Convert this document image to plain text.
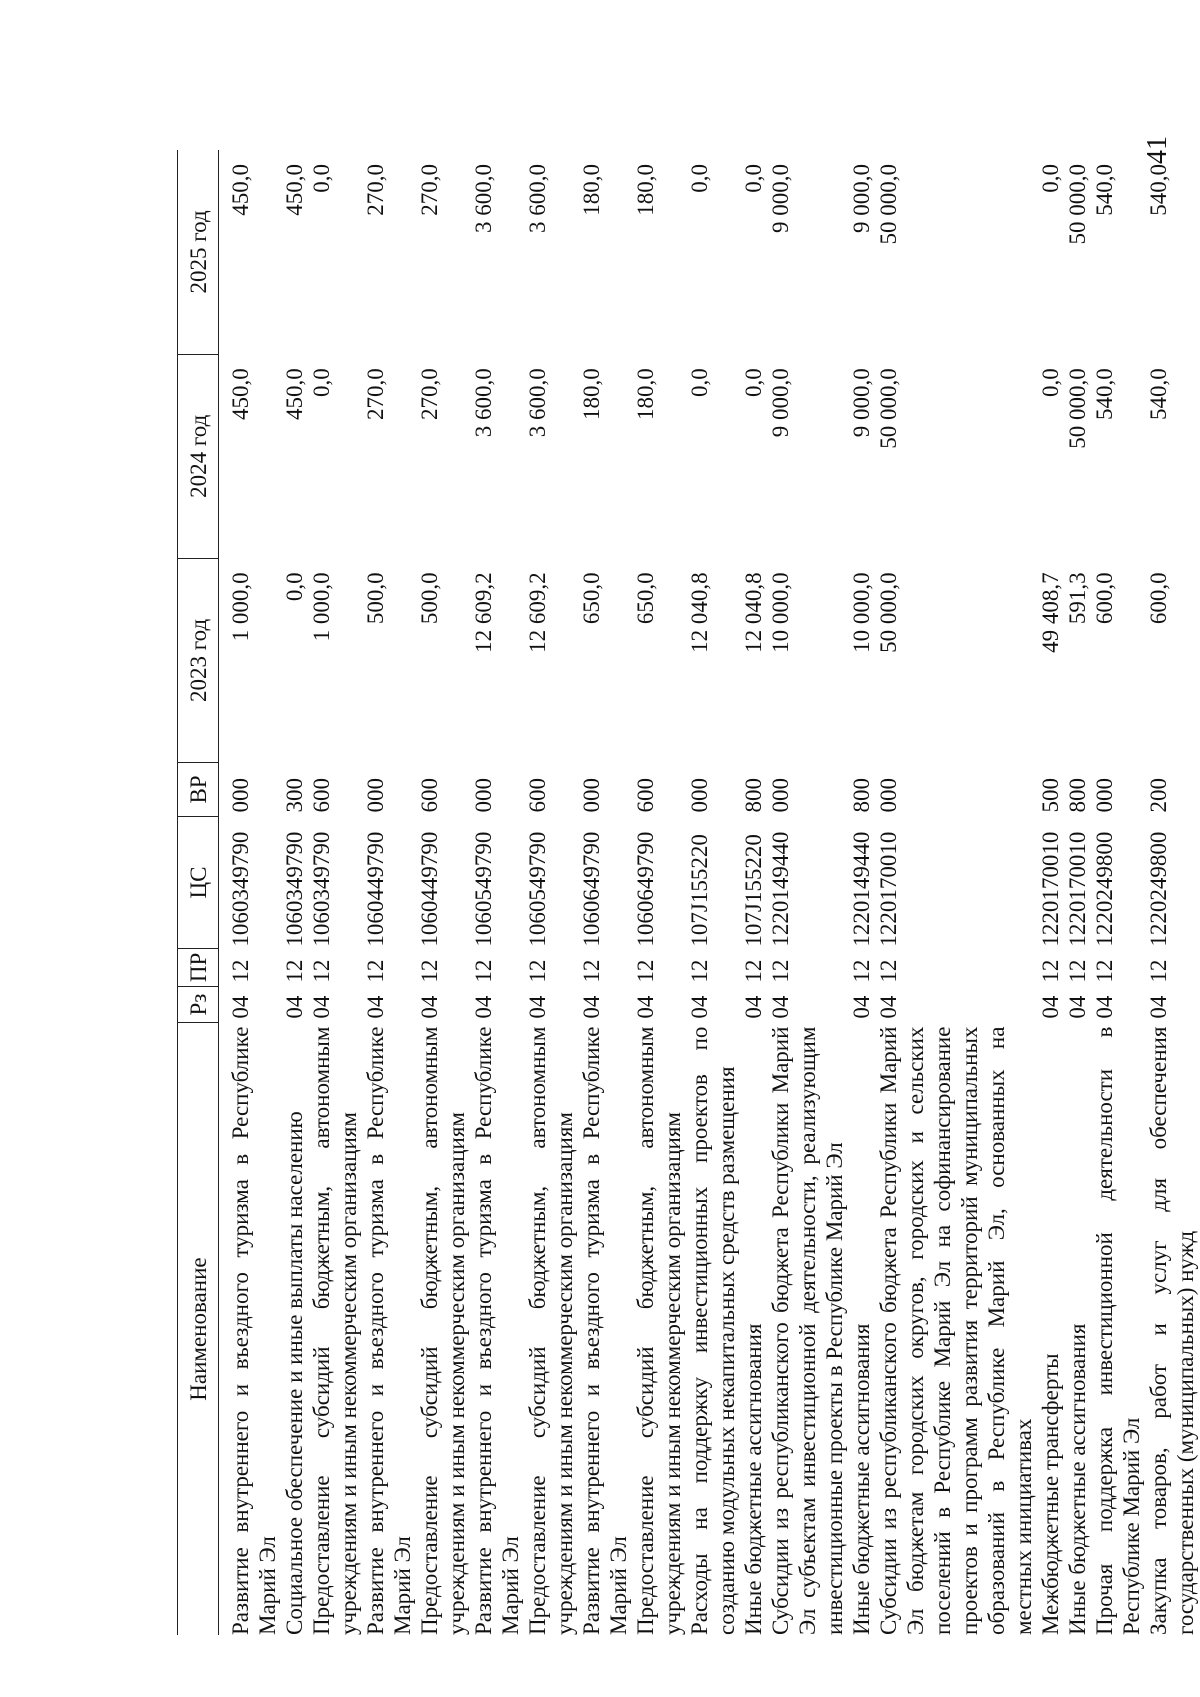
41
Наименование	Рз	ПР	ЦС	ВР	2023 год	2024 год	2025 год
Развитие внутреннего и въездного туризма в Республике Марий Эл	04	12	1060349790	000	1 000,0	450,0	450,0
Социальное обеспечение и иные выплаты населению	04	12	1060349790	300	0,0	450,0	450,0
Предоставление субсидий бюджетным, автономным учреждениям и иным некоммерческим организациям	04	12	1060349790	600	1 000,0	0,0	0,0
Развитие внутреннего и въездного туризма в Республике Марий Эл	04	12	1060449790	000	500,0	270,0	270,0
Предоставление субсидий бюджетным, автономным учреждениям и иным некоммерческим организациям	04	12	1060449790	600	500,0	270,0	270,0
Развитие внутреннего и въездного туризма в Республике Марий Эл	04	12	1060549790	000	12 609,2	3 600,0	3 600,0
Предоставление субсидий бюджетным, автономным учреждениям и иным некоммерческим организациям	04	12	1060549790	600	12 609,2	3 600,0	3 600,0
Развитие внутреннего и въездного туризма в Республике Марий Эл	04	12	1060649790	000	650,0	180,0	180,0
Предоставление субсидий бюджетным, автономным учреждениям и иным некоммерческим организациям	04	12	1060649790	600	650,0	180,0	180,0
Расходы на поддержку инвестиционных проектов по созданию модульных некапитальных средств размещения	04	12	107J155220	000	12 040,8	0,0	0,0
Иные бюджетные ассигнования	04	12	107J155220	800	12 040,8	0,0	0,0
Субсидии из республиканского бюджета Республики Марий Эл субъектам инвестиционной деятельности, реализующим инвестиционные проекты в Республике Марий Эл	04	12	1220149440	000	10 000,0	9 000,0	9 000,0
Иные бюджетные ассигнования	04	12	1220149440	800	10 000,0	9 000,0	9 000,0
Субсидии из республиканского бюджета Республики Марий Эл бюджетам городских округов, городских и сельских поселений в Республике Марий Эл на софинансирование проектов и программ развития территорий муниципальных образований в Республике Марий Эл, основанных на местных инициативах	04	12	1220170010	000	50 000,0	50 000,0	50 000,0
Межбюджетные трансферты	04	12	1220170010	500	49 408,7	0,0	0,0
Иные бюджетные ассигнования	04	12	1220170010	800	591,3	50 000,0	50 000,0
Прочая поддержка инвестиционной деятельности в Республике Марий Эл	04	12	1220249800	000	600,0	540,0	540,0
Закупка товаров, работ и услуг для обеспечения государственных (муниципальных) нужд	04	12	1220249800	200	600,0	540,0	540,0
